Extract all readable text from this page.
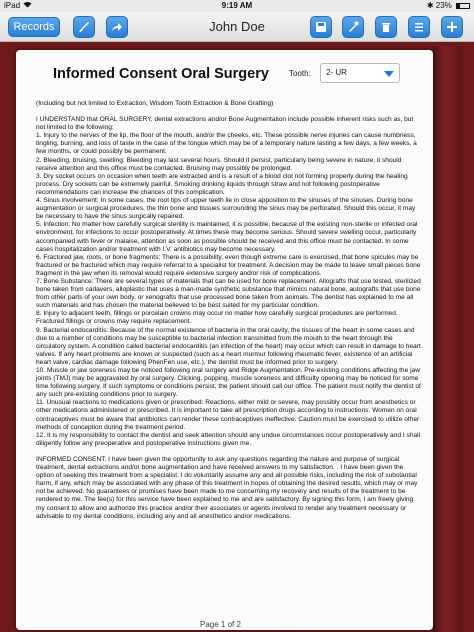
iPad	9:19 AM	✱ 23%
Records	John Doe
Informed Consent Oral Surgery	Tooth:	2- UR

(Including but not limited to Extraction, Wisdom Tooth Extraction & Bone Grafting)

I UNDERSTAND that ORAL SURGERY, dental extractions and/or Bone Augmentation include possible inherent risks such as, but not limited to the following:

1. Injury to the nerves of the lip, the floor of the mouth, and/or the cheeks, etc. These possible nerve injuries can cause numbness, tingling, burning, and loss of taste in the case of the tongue which may be of a temporary nature lasting a few days, a few weeks, a few months, or could possibly be permanent.

2. Bleeding, bruising, swelling: Bleeding may last several hours. Should it persist, particularly being severe in nature, it should receive attention and this office must be contacted. Bruising may possibly be prolonged.

3. Dry socket occurs on occasion when teeth are extracted and is a result of a blood clot not forming properly during the healing process. Dry sockets can be extremely painful. Smoking drinking liquids through straw and not following postoperative recommendations can increase the chances of this complication.

4. Sinus involvement: In some cases, the root tips of upper teeth lie in close apposition to the sinuses of the sinuses. During bone augmentation or surgical procedures, the thin bone and tissues surrounding the sinus may be perforated. Should this occur, it may be necessary to have the sinus surgically repaired.

5. Infection: No matter how carefully surgical sterility is maintained, it is possible, because of the existing non-sterile or infected oral environment, for infections to occur postoperatively. At times these may become serious. Should severe swelling occur, particularly accompanied with fever or malaise, attention as soon as possible should be received and this office must be contacted. In some cases hospitalization and/or treatment with I.V. antibiotics may become necessary.

6. Fractured jaw, roots, or bone fragments: There is a possibility, even though extreme care is exercised, that bone spicules may be fractured or be fractured which may require referral to a specialist for treatment. A decision may be made to leave small pieces bone fragment in the jaw when its removal would require extensive surgery and/or risk of complications.

7. Bone Substance: There are several types of materials that can be used for bone replacement. Allografts that use tested, sterilized bone taken from cadavers, alloplastic that uses a man-made synthetic substance that mimics natural bone, autografts that use bone from other parts of your own body, or xenografts that use processed bone taken from animals. The dentist has explained to me all such materials and has chosen the material believed to be best suited for my particular condition.

8. Injury to adjacent teeth, fillings or porcelain crowns may occur no matter how carefully surgical procedures are performed. Fractured fillings or crowns may require replacement.

9. Bacterial endocarditis: Because of the normal existence of bacteria in the oral cavity, the tissues of the heart in some cases and due to a number of conditions may be susceptible to bacterial infection transmitted from the mouth to the heart through the circulatory system. A condition called bacterial endocarditis (an infection of the heart) may occur which can result in damage to heart valves. If any heart problems are known or suspected (such as a heart murmur following rheumatic fever, existence of an artificial heart valve, cardiac damage following PhenFen use, etc.), the dentist must be informed prior to surgery.

10. Muscle or jaw soreness may be noticed following oral surgery and Ridge Augmentation. Pre-existing conditions affecting the jaw joints (TMJ) may be aggravated by oral surgery. Clicking, popping, muscle soreness and difficulty opening may be noticed for some time following surgery. If such symptoms or conditions persist, the patient should call our office. The patient must notify the dentist of any such pre-existing conditions prior to surgery.

11. Unusual reactions to medications given or prescribed: Reactions, either mild or severe, may possibly occur from anesthetics or other medications administered or prescribed. It is important to take all prescription drugs according to instructions. Women on oral contraceptives must be aware that antibiotics can render these contraceptives ineffective. Caution must be exercised to utilize other methods of conception during the treatment period.

12. It is my responsibility to contact the dentist and seek attention should any undue circumstances occur postoperatively and I shall diligently follow any preoperative and postoperative instructions given me.

INFORMED CONSENT: I have been given the opportunity to ask any questions regarding the nature and purpose of surgical treatment, dental extractions and/or bone augmentation and have received answers to my satisfaction. . I have been given the option of seeking this treatment from a specialist. I do voluntarily assume any and all possible risks, including the risk of substantial harm, if any, which may be associated with any phase of this treatment in hopes of obtaining the desired results, which may or may not be achieved. No guarantees or promises have been made to me concerning my recovery and results of the treatment to be rendered to me. The fee(s) for this service have been explained to me and are satisfactory. By signing this form, I am freely giving my consent to allow and authorize this practice and/or their associates or agents involved to render any treatment necessary or advisable to my dental conditions, including any and all anesthetics and/or medications.

Page 1 of 2	→
